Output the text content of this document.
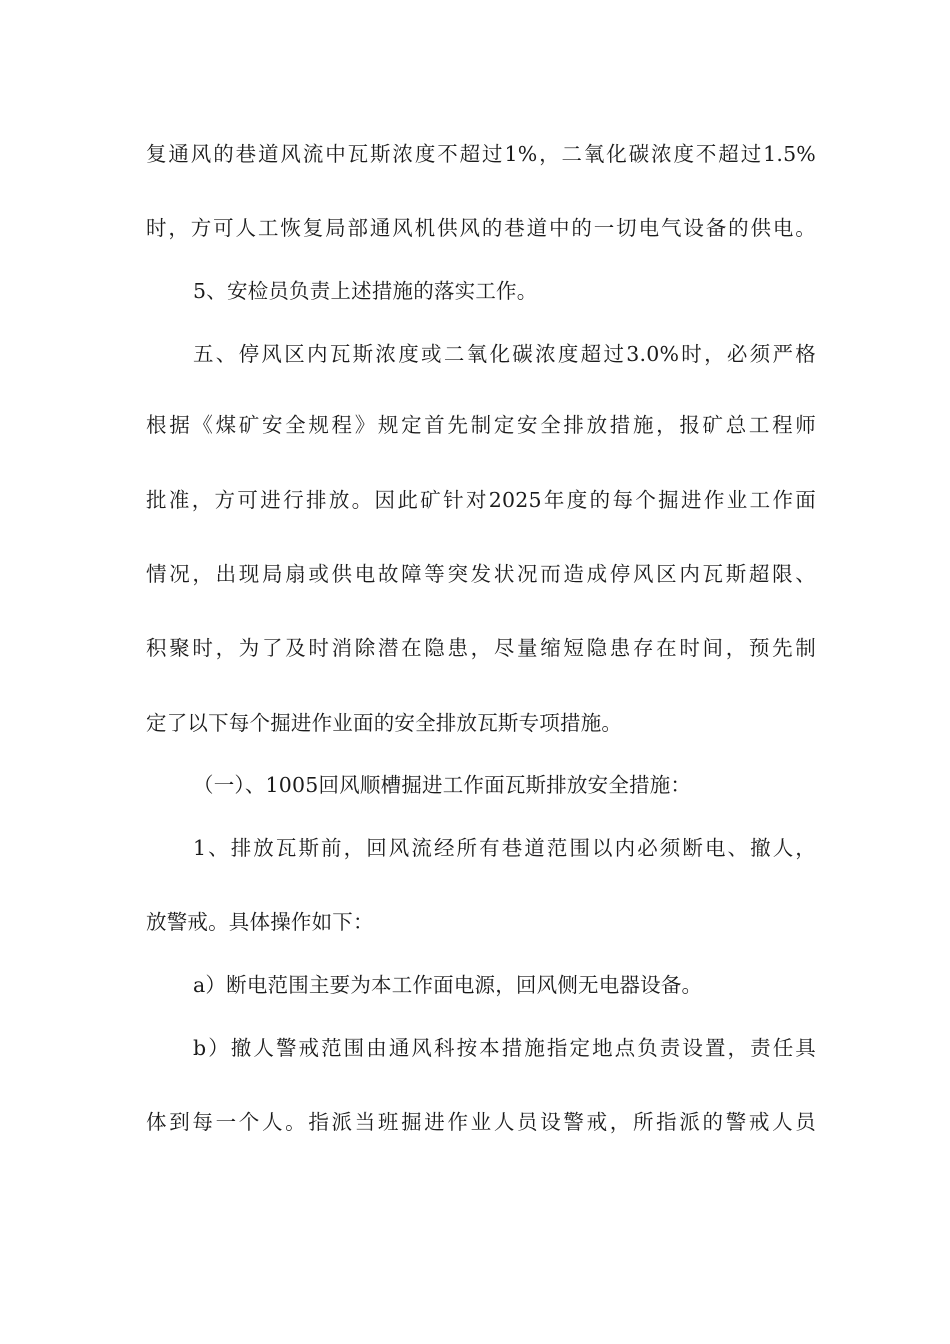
复通风的巷道风流中瓦斯浓度不超过1%，二氧化碳浓度不超过1.5%
时，方可人工恢复局部通风机供风的巷道中的一切电气设备的供电。
5、安检员负责上述措施的落实工作。
五、停风区内瓦斯浓度或二氧化碳浓度超过3.0%时，必须严格
根据《煤矿安全规程》规定首先制定安全排放措施，报矿总工程师
批准，方可进行排放。因此矿针对2025年度的每个掘进作业工作面
情况，出现局扇或供电故障等突发状况而造成停风区内瓦斯超限、
积聚时，为了及时消除潜在隐患，尽量缩短隐患存在时间，预先制
定了以下每个掘进作业面的安全排放瓦斯专项措施。
（一）、1005回风顺槽掘进工作面瓦斯排放安全措施：
1、排放瓦斯前，回风流经所有巷道范围以内必须断电、撤人，
放警戒。具体操作如下：
a）断电范围主要为本工作面电源，回风侧无电器设备。
b）撤人警戒范围由通风科按本措施指定地点负责设置，责任具
体到每一个人。指派当班掘进作业人员设警戒，所指派的警戒人员
